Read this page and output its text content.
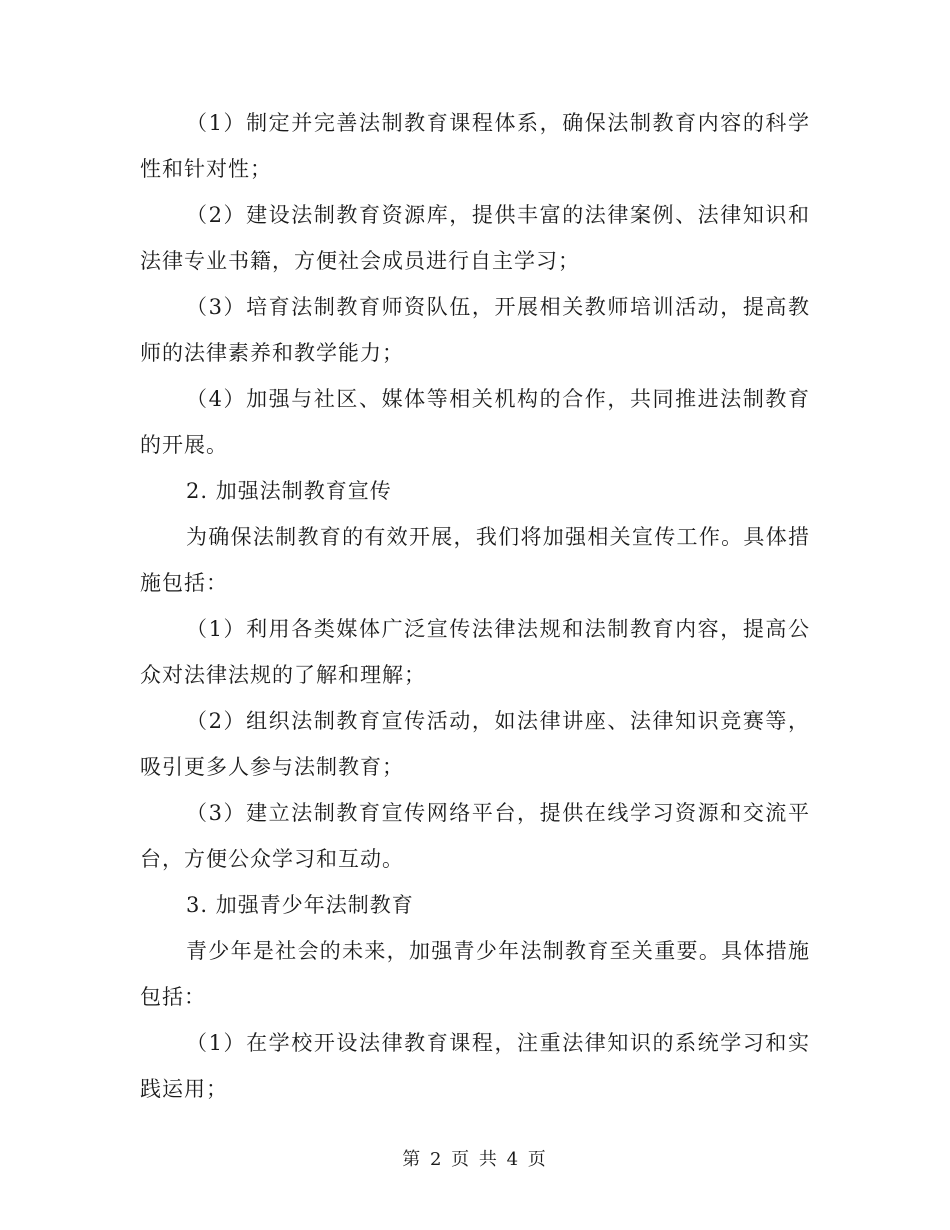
（1）制定并完善法制教育课程体系，确保法制教育内容的科学性和针对性；

（2）建设法制教育资源库，提供丰富的法律案例、法律知识和法律专业书籍，方便社会成员进行自主学习；

（3）培育法制教育师资队伍，开展相关教师培训活动，提高教师的法律素养和教学能力；

（4）加强与社区、媒体等相关机构的合作，共同推进法制教育的开展。

2. 加强法制教育宣传

为确保法制教育的有效开展，我们将加强相关宣传工作。具体措施包括：

（1）利用各类媒体广泛宣传法律法规和法制教育内容，提高公众对法律法规的了解和理解；

（2）组织法制教育宣传活动，如法律讲座、法律知识竞赛等，吸引更多人参与法制教育；

（3）建立法制教育宣传网络平台，提供在线学习资源和交流平台，方便公众学习和互动。

3. 加强青少年法制教育

青少年是社会的未来，加强青少年法制教育至关重要。具体措施包括：

（1）在学校开设法律教育课程，注重法律知识的系统学习和实践运用；

第 2 页 共 4 页
